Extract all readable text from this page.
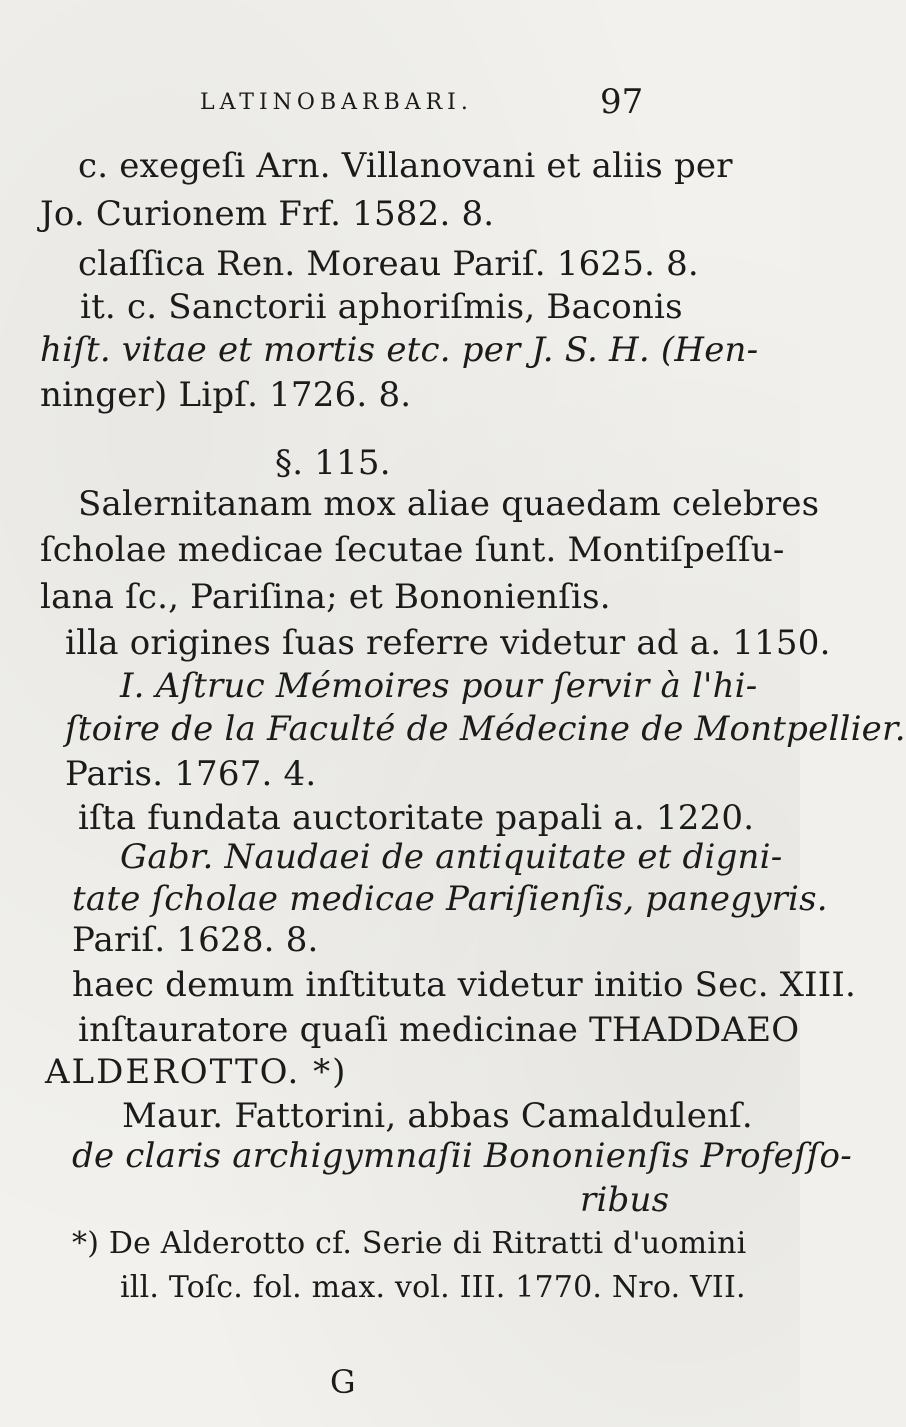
LATINOBARBARI.	97
c. exegeſi Arn. Villanovani et aliis per
Jo. Curionem Frf. 1582. 8.
claſſica Ren. Moreau Pariſ. 1625. 8.
it. c. Sanctorii aphoriſmis, Baconis
hiſt. vitae et mortis etc. per J. S. H. (Hen-
ninger) Lipſ. 1726. 8.
§. 115.
Salernitanam mox aliae quaedam celebres
ſcholae medicae ſecutae ſunt. Montiſpeſſu-
lana ſc., Pariſina; et Bononienſis.
illa origines ſuas referre videtur ad a. 1150.
I. Aſtruc Mémoires pour ſervir à l'hi-
ſtoire de la Faculté de Médecine de Montpellier.
Paris. 1767. 4.
iſta fundata auctoritate papali a. 1220.
Gabr. Naudaei de antiquitate et digni-
tate ſcholae medicae Pariſienſis, panegyris.
Pariſ. 1628. 8.
haec demum inſtituta videtur initio Sec. XIII.
inſtauratore quaſi medicinae THADDAEO
ALDEROTTO. *)
Maur. Fattorini, abbas Camaldulenſ.
de claris archigymnaſii Bononienſis Profeſſo-
ribus
*) De Alderotto cf. Serie di Ritratti d'uomini
ill. Toſc. fol. max. vol. III. 1770. Nro. VII.
G
